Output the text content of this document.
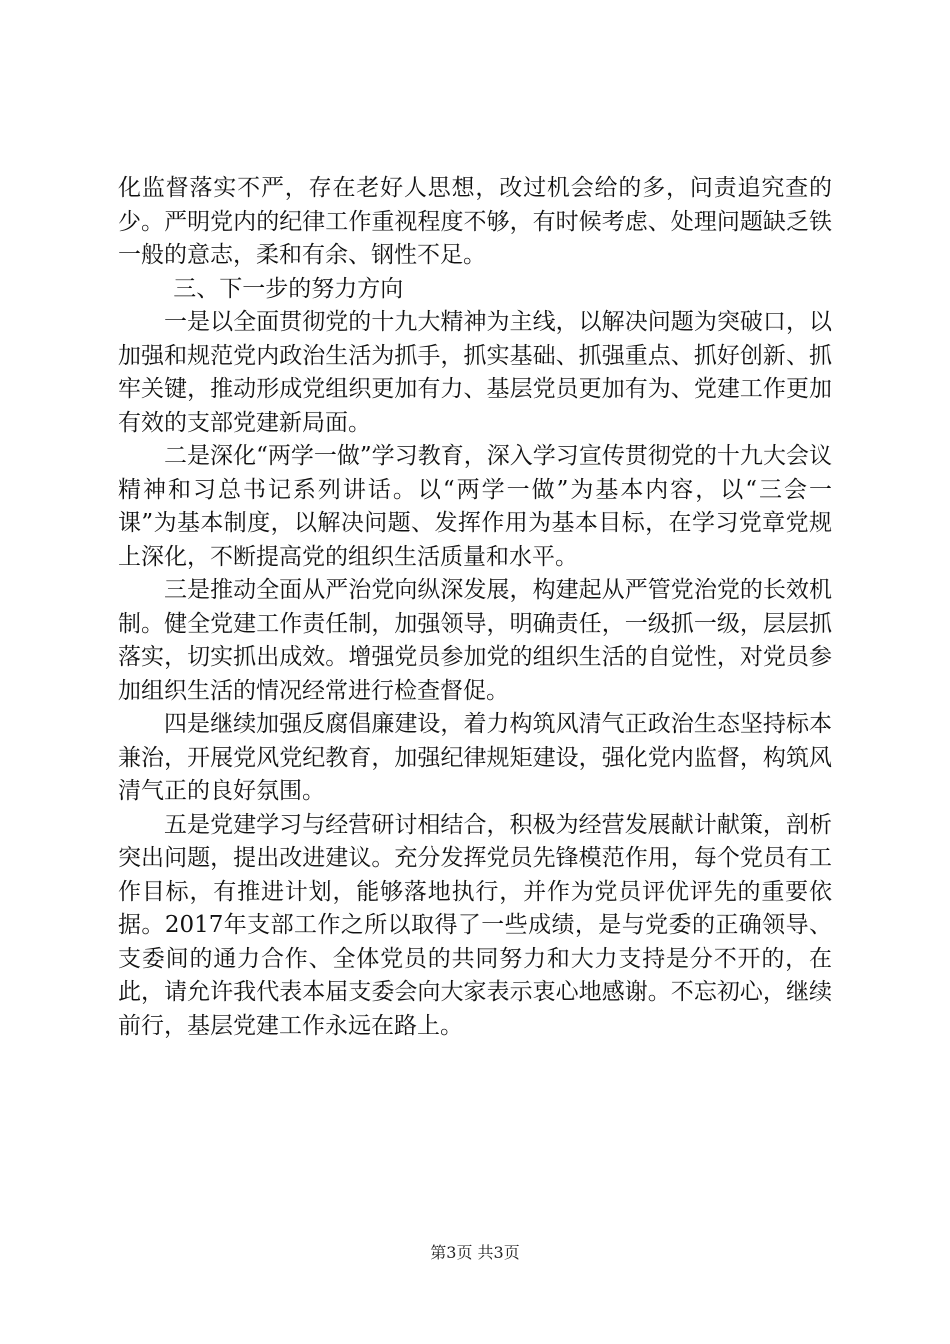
化监督落实不严，存在老好人思想，改过机会给的多，问责追究查的少。严明党内的纪律工作重视程度不够，有时候考虑、处理问题缺乏铁一般的意志，柔和有余、钢性不足。

三、下一步的努力方向

一是以全面贯彻党的十九大精神为主线，以解决问题为突破口，以加强和规范党内政治生活为抓手，抓实基础、抓强重点、抓好创新、抓牢关键，推动形成党组织更加有力、基层党员更加有为、党建工作更加有效的支部党建新局面。

二是深化“两学一做”学习教育，深入学习宣传贯彻党的十九大会议精神和习总书记系列讲话。以“两学一做”为基本内容，以“三会一课”为基本制度，以解决问题、发挥作用为基本目标，在学习党章党规上深化，不断提高党的组织生活质量和水平。

三是推动全面从严治党向纵深发展，构建起从严管党治党的长效机制。健全党建工作责任制，加强领导，明确责任，一级抓一级，层层抓落实，切实抓出成效。增强党员参加党的组织生活的自觉性，对党员参加组织生活的情况经常进行检查督促。

四是继续加强反腐倡廉建设，着力构筑风清气正政治生态坚持标本兼治，开展党风党纪教育，加强纪律规矩建设，强化党内监督，构筑风清气正的良好氛围。

五是党建学习与经营研讨相结合，积极为经营发展献计献策，剖析突出问题，提出改进建议。充分发挥党员先锋模范作用，每个党员有工作目标，有推进计划，能够落地执行，并作为党员评优评先的重要依据。2017年支部工作之所以取得了一些成绩，是与党委的正确领导、支委间的通力合作、全体党员的共同努力和大力支持是分不开的，在此，请允许我代表本届支委会向大家表示衷心地感谢。不忘初心，继续前行，基层党建工作永远在路上。

第3页 共3页
